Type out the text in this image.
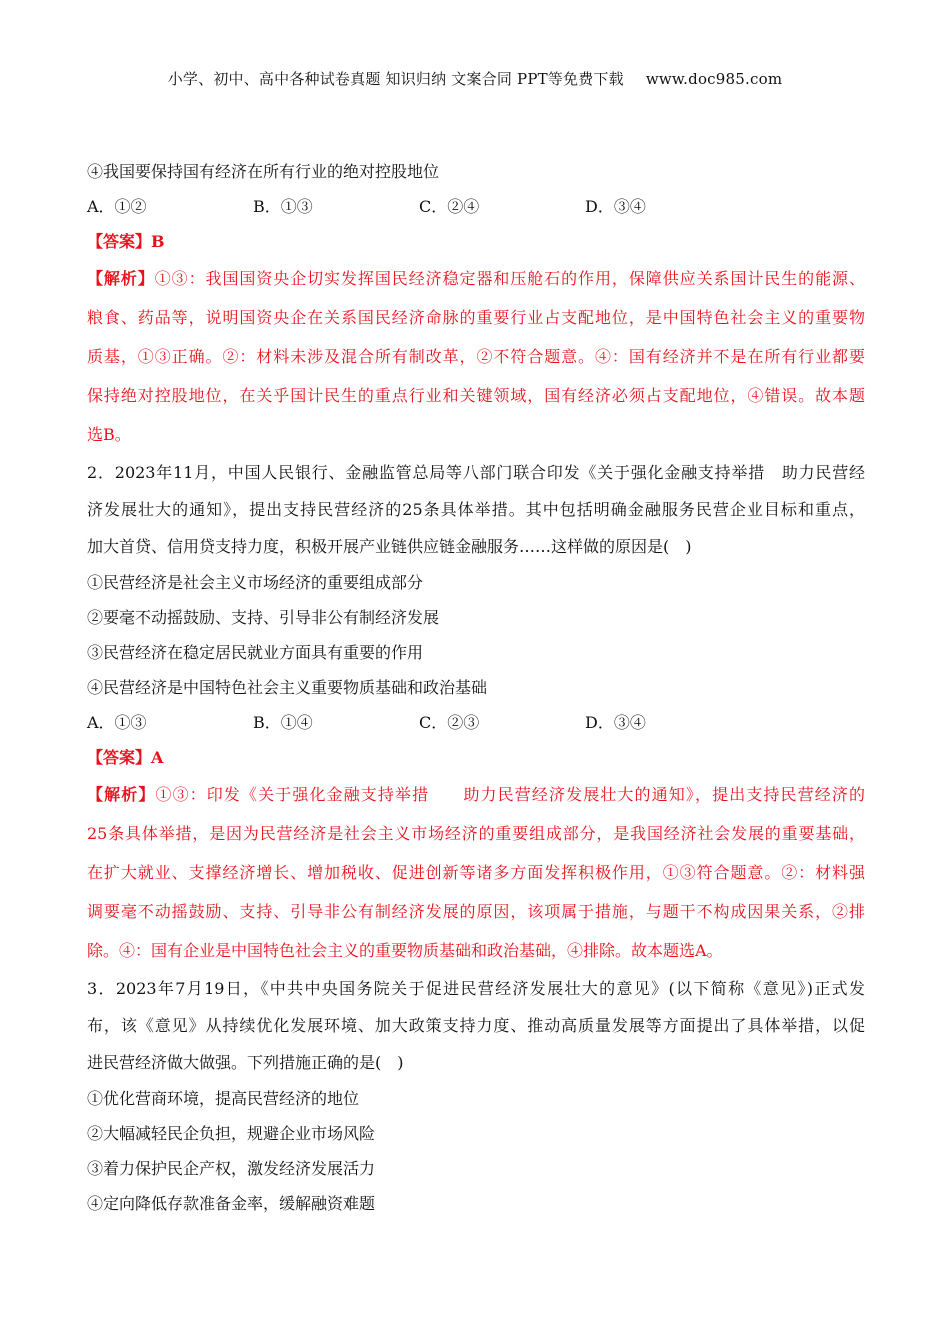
小学、初中、高中各种试卷真题 知识归纳 文案合同 PPT等免费下载 www.doc985.com
④我国要保持国有经济在所有行业的绝对控股地位
A．①②	B．①③	C．②④	D．③④
【答案】B
【解析】①③：我国国资央企切实发挥国民经济稳定器和压舱石的作用，保障供应关系国计民生的能源、
粮食、药品等，说明国资央企在关系国民经济命脉的重要行业占支配地位，是中国特色社会主义的重要物
质基，①③正确。②：材料未涉及混合所有制改革，②不符合题意。④：国有经济并不是在所有行业都要
保持绝对控股地位，在关乎国计民生的重点行业和关键领域，国有经济必须占支配地位，④错误。故本题
选B。
2．2023年11月，中国人民银行、金融监管总局等八部门联合印发《关于强化金融支持举措　助力民营经
济发展壮大的通知》，提出支持民营经济的25条具体举措。其中包括明确金融服务民营企业目标和重点，
加大首贷、信用贷支持力度，积极开展产业链供应链金融服务……这样做的原因是(　)
①民营经济是社会主义市场经济的重要组成部分
②要毫不动摇鼓励、支持、引导非公有制经济发展
③民营经济在稳定居民就业方面具有重要的作用
④民营经济是中国特色社会主义重要物质基础和政治基础
A．①③	B．①④	C．②③	D．③④
【答案】A
【解析】①③：印发《关于强化金融支持举措　　助力民营经济发展壮大的通知》，提出支持民营经济的
25条具体举措，是因为民营经济是社会主义市场经济的重要组成部分，是我国经济社会发展的重要基础，
在扩大就业、支撑经济增长、增加税收、促进创新等诸多方面发挥积极作用，①③符合题意。②：材料强
调要毫不动摇鼓励、支持、引导非公有制经济发展的原因，该项属于措施，与题干不构成因果关系，②排
除。④：国有企业是中国特色社会主义的重要物质基础和政治基础，④排除。故本题选A。
3．2023年7月19日，《中共中央国务院关于促进民营经济发展壮大的意见》(以下简称《意见》)正式发
布，该《意见》从持续优化发展环境、加大政策支持力度、推动高质量发展等方面提出了具体举措，以促
进民营经济做大做强。下列措施正确的是(　)
①优化营商环境，提高民营经济的地位
②大幅减轻民企负担，规避企业市场风险
③着力保护民企产权，激发经济发展活力
④定向降低存款准备金率，缓解融资难题
